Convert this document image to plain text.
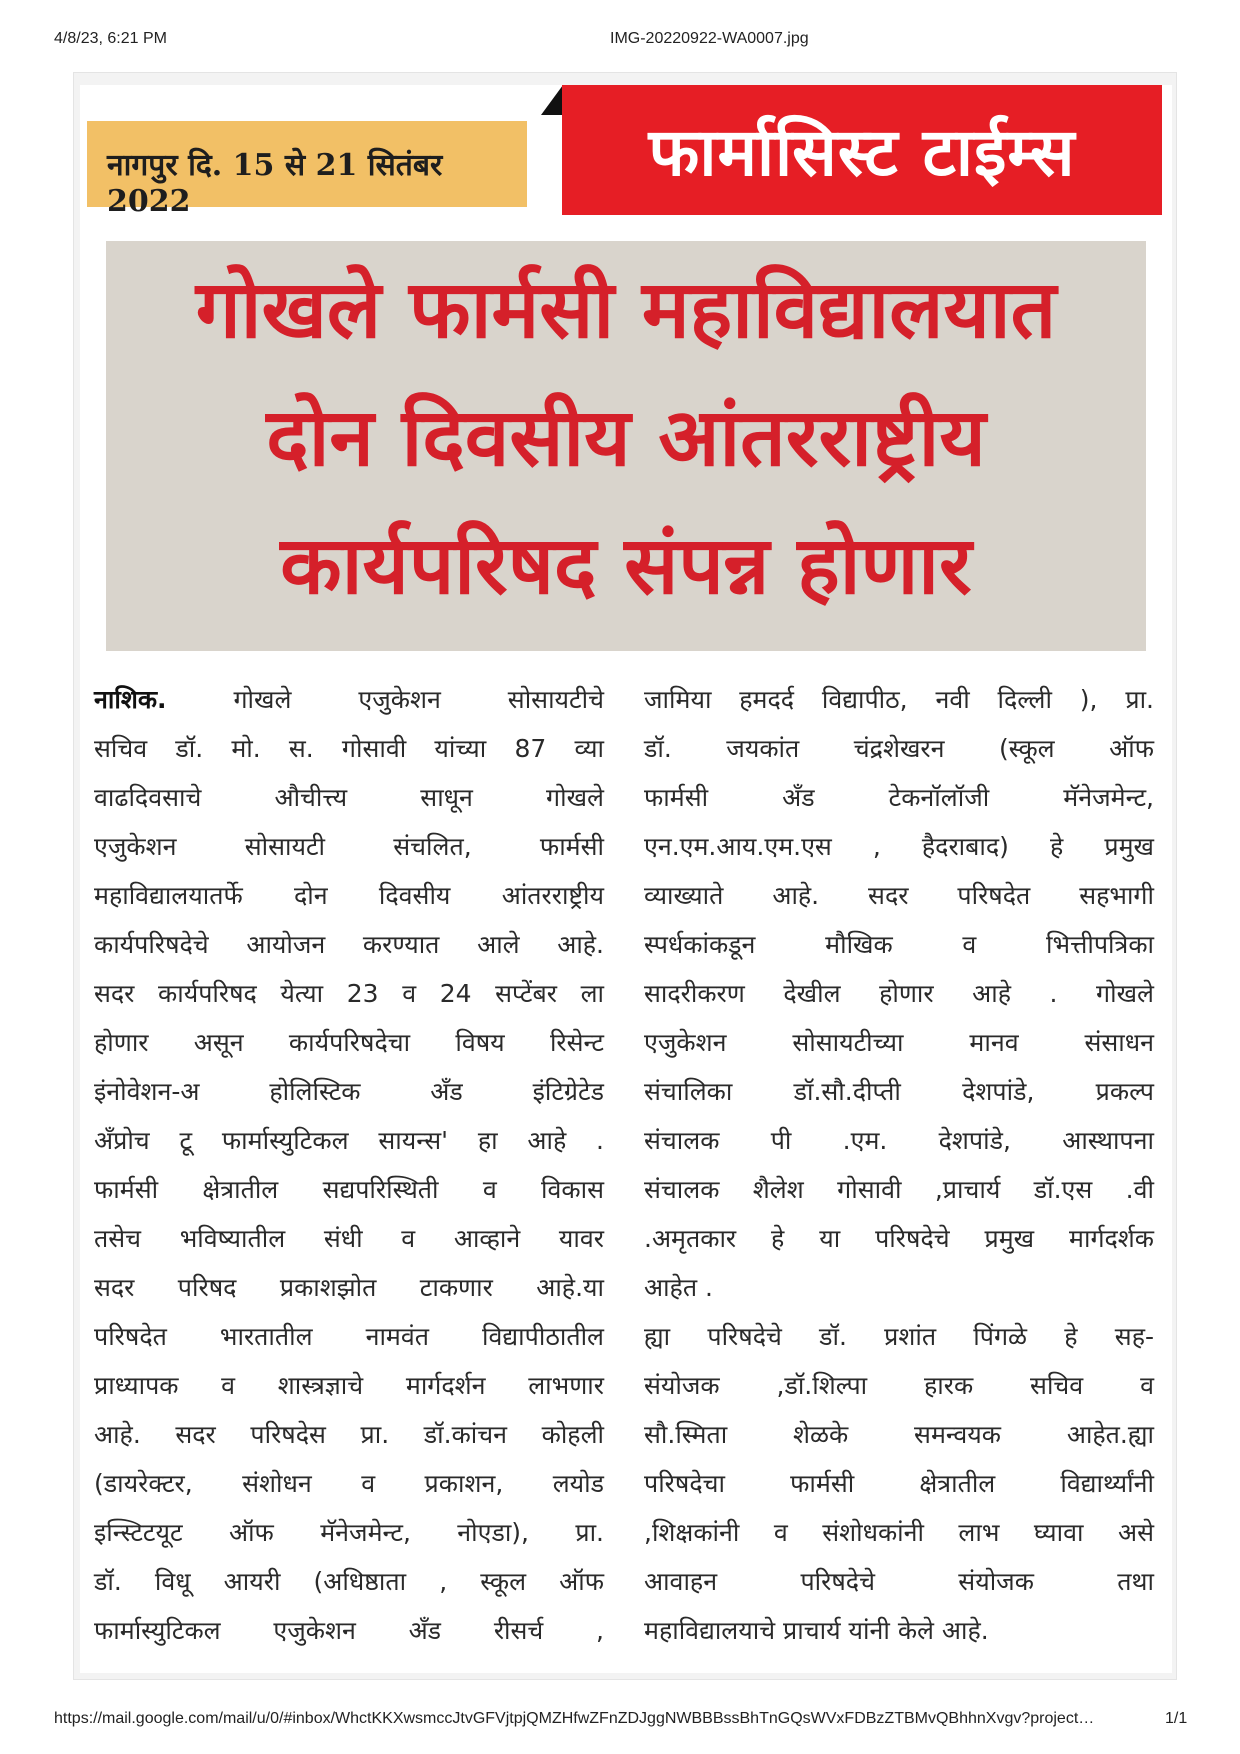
4/8/23, 6:21 PM	IMG-20220922-WA0007.jpg
नागपुर दि. 15 से 21 सितंबर 2022
फार्मासिस्ट टाईम्स
गोखले फार्मसी महाविद्यालयात
दोन दिवसीय आंतरराष्ट्रीय
कार्यपरिषद संपन्न होणार
नाशिक. गोखले एजुकेशन सोसायटीचे
सचिव डॉ. मो. स. गोसावी यांच्या 87 व्या
वाढदिवसाचे औचीत्त्य साधून गोखले
एजुकेशन सोसायटी संचलित, फार्मसी
महाविद्यालयातर्फे दोन दिवसीय आंतरराष्ट्रीय
कार्यपरिषदेचे आयोजन करण्यात आले आहे.
सदर कार्यपरिषद येत्या 23 व 24 सप्टेंबर ला
होणार असून कार्यपरिषदेचा विषय रिसेन्ट
इंनोवेशन-अ होलिस्टिक अँड इंटिग्रेटेड
अँप्रोच टू फार्मास्युटिकल सायन्स' हा आहे .
फार्मसी क्षेत्रातील सद्यपरिस्थिती व विकास
तसेच भविष्यातील संधी व आव्हाने यावर
सदर परिषद प्रकाशझोत टाकणार आहे.या
परिषदेत भारतातील नामवंत विद्यापीठातील
प्राध्यापक व शास्त्रज्ञाचे मार्गदर्शन लाभणार
आहे. सदर परिषदेस प्रा. डॉ.कांचन कोहली
(डायरेक्टर, संशोधन व प्रकाशन, लयोड
इन्स्टिटयूट ऑफ मॅनेजमेन्ट, नोएडा), प्रा.
डॉ. विधू आयरी (अधिष्ठाता , स्कूल ऑफ
फार्मास्युटिकल एजुकेशन अँड रीसर्च ,
जामिया हमदर्द विद्यापीठ, नवी दिल्ली ), प्रा.
डॉ. जयकांत चंद्रशेखरन (स्कूल ऑफ
फार्मसी अँड टेकनॉलॉजी मॅनेजमेन्ट,
एन.एम.आय.एम.एस , हैदराबाद) हे प्रमुख
व्याख्याते आहे. सदर परिषदेत सहभागी
स्पर्धकांकडून मौखिक व भित्तीपत्रिका
सादरीकरण देखील होणार आहे . गोखले
एजुकेशन सोसायटीच्या मानव संसाधन
संचालिका डॉ.सौ.दीप्ती देशपांडे, प्रकल्प
संचालक पी .एम. देशपांडे, आस्थापना
संचालक शैलेश गोसावी ,प्राचार्य डॉ.एस .वी
.अमृतकार हे या परिषदेचे प्रमुख मार्गदर्शक
आहेत .
ह्या परिषदेचे डॉ. प्रशांत पिंगळे हे सह-
संयोजक ,डॉ.शिल्पा हारक सचिव व
सौ.स्मिता शेळके समन्वयक आहेत.ह्या
परिषदेचा फार्मसी क्षेत्रातील विद्यार्थ्यांनी
,शिक्षकांनी व संशोधकांनी लाभ घ्यावा असे
आवाहन परिषदेचे संयोजक तथा
महाविद्यालयाचे प्राचार्य यांनी केले आहे.
https://mail.google.com/mail/u/0/#inbox/WhctKKXwsmccJtvGFVjtpjQMZHfwZFnZDJggNWBBBssBhTnGQsWVxFDBzZTBMvQBhhnXvgv?project…	1/1
